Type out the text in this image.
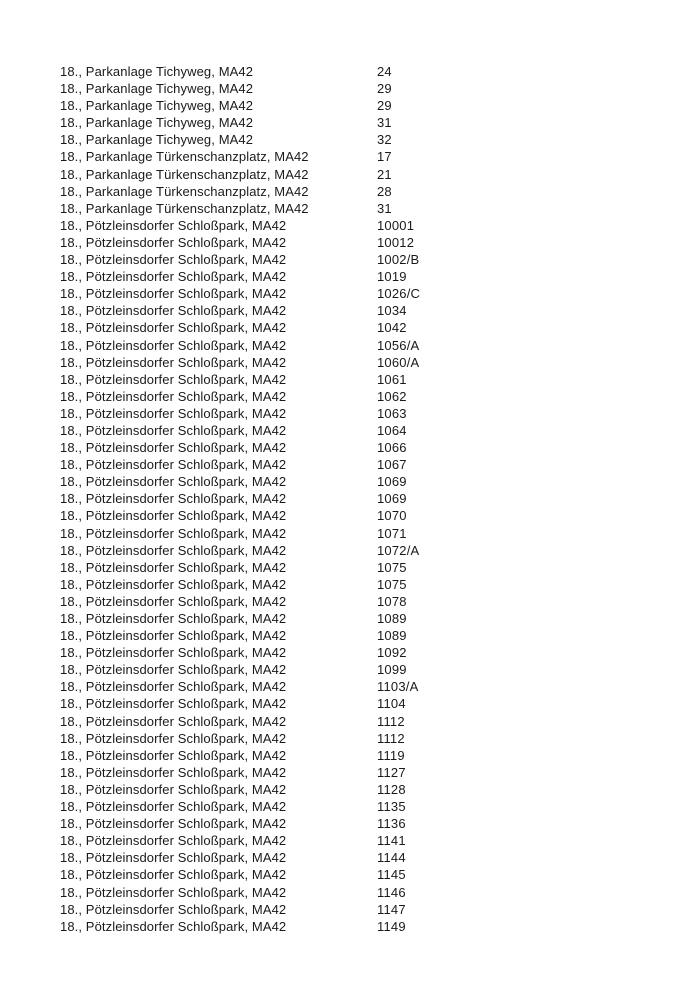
18., Parkanlage Tichyweg, MA42	24
18., Parkanlage Tichyweg, MA42	29
18., Parkanlage Tichyweg, MA42	29
18., Parkanlage Tichyweg, MA42	31
18., Parkanlage Tichyweg, MA42	32
18., Parkanlage Türkenschanzplatz, MA42	17
18., Parkanlage Türkenschanzplatz, MA42	21
18., Parkanlage Türkenschanzplatz, MA42	28
18., Parkanlage Türkenschanzplatz, MA42	31
18., Pötzleinsdorfer Schloßpark, MA42	10001
18., Pötzleinsdorfer Schloßpark, MA42	10012
18., Pötzleinsdorfer Schloßpark, MA42	1002/B
18., Pötzleinsdorfer Schloßpark, MA42	1019
18., Pötzleinsdorfer Schloßpark, MA42	1026/C
18., Pötzleinsdorfer Schloßpark, MA42	1034
18., Pötzleinsdorfer Schloßpark, MA42	1042
18., Pötzleinsdorfer Schloßpark, MA42	1056/A
18., Pötzleinsdorfer Schloßpark, MA42	1060/A
18., Pötzleinsdorfer Schloßpark, MA42	1061
18., Pötzleinsdorfer Schloßpark, MA42	1062
18., Pötzleinsdorfer Schloßpark, MA42	1063
18., Pötzleinsdorfer Schloßpark, MA42	1064
18., Pötzleinsdorfer Schloßpark, MA42	1066
18., Pötzleinsdorfer Schloßpark, MA42	1067
18., Pötzleinsdorfer Schloßpark, MA42	1069
18., Pötzleinsdorfer Schloßpark, MA42	1069
18., Pötzleinsdorfer Schloßpark, MA42	1070
18., Pötzleinsdorfer Schloßpark, MA42	1071
18., Pötzleinsdorfer Schloßpark, MA42	1072/A
18., Pötzleinsdorfer Schloßpark, MA42	1075
18., Pötzleinsdorfer Schloßpark, MA42	1075
18., Pötzleinsdorfer Schloßpark, MA42	1078
18., Pötzleinsdorfer Schloßpark, MA42	1089
18., Pötzleinsdorfer Schloßpark, MA42	1089
18., Pötzleinsdorfer Schloßpark, MA42	1092
18., Pötzleinsdorfer Schloßpark, MA42	1099
18., Pötzleinsdorfer Schloßpark, MA42	1103/A
18., Pötzleinsdorfer Schloßpark, MA42	1104
18., Pötzleinsdorfer Schloßpark, MA42	1112
18., Pötzleinsdorfer Schloßpark, MA42	1112
18., Pötzleinsdorfer Schloßpark, MA42	1119
18., Pötzleinsdorfer Schloßpark, MA42	1127
18., Pötzleinsdorfer Schloßpark, MA42	1128
18., Pötzleinsdorfer Schloßpark, MA42	1135
18., Pötzleinsdorfer Schloßpark, MA42	1136
18., Pötzleinsdorfer Schloßpark, MA42	1141
18., Pötzleinsdorfer Schloßpark, MA42	1144
18., Pötzleinsdorfer Schloßpark, MA42	1145
18., Pötzleinsdorfer Schloßpark, MA42	1146
18., Pötzleinsdorfer Schloßpark, MA42	1147
18., Pötzleinsdorfer Schloßpark, MA42	1149
